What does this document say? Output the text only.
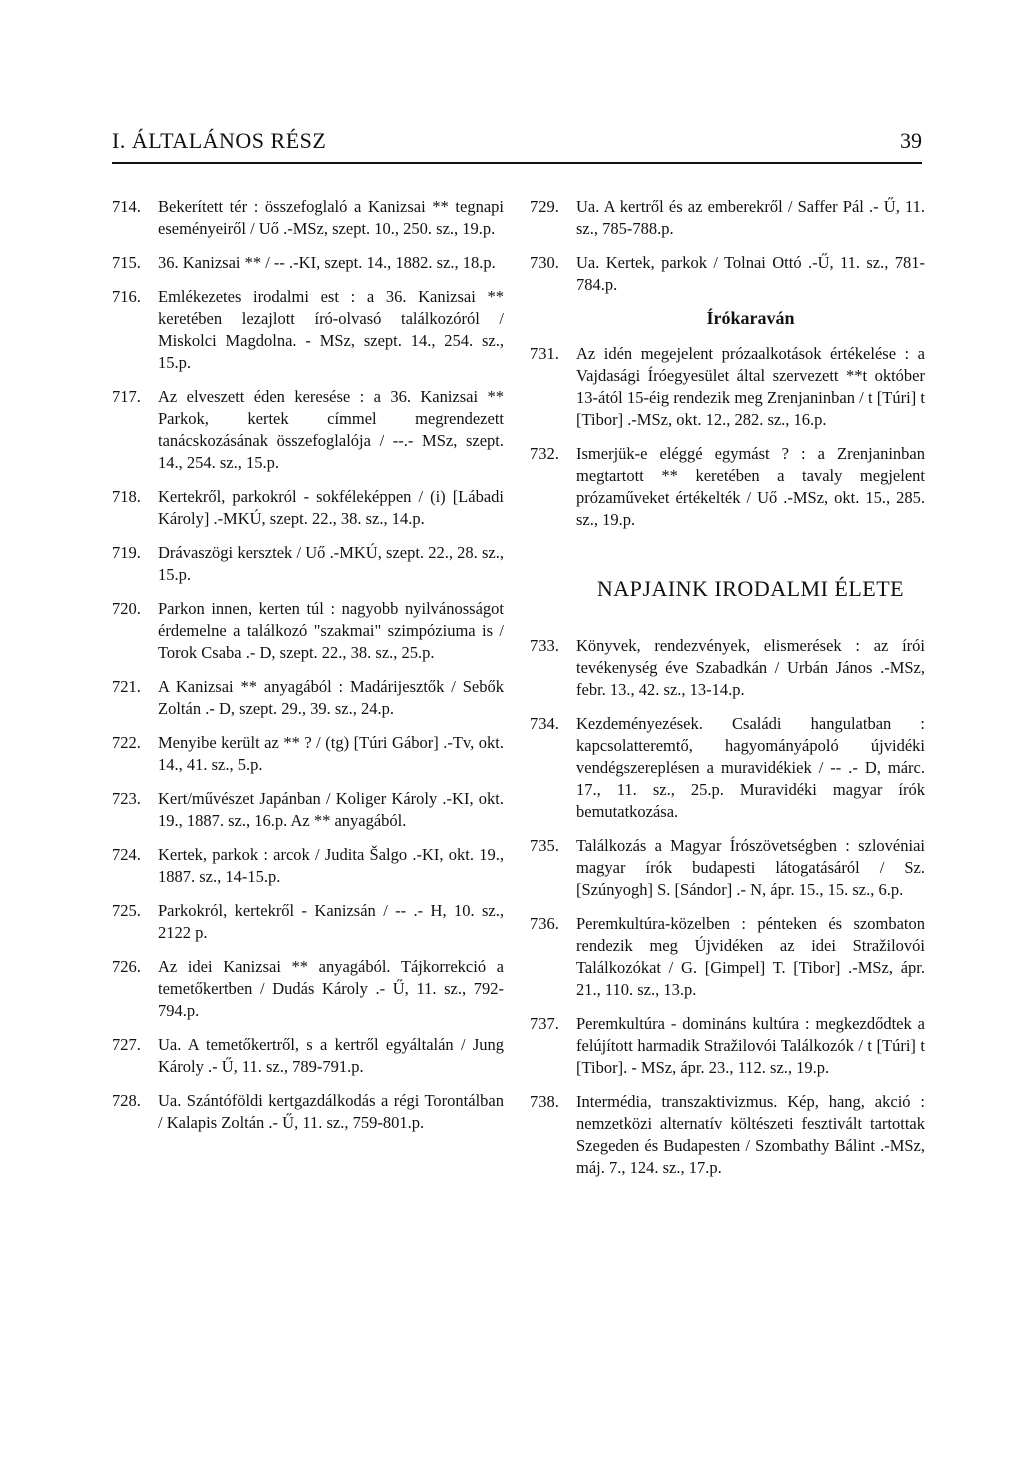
I. ÁLTALÁNOS RÉSZ	39
714.	Bekerített tér : összefoglaló a Kanizsai ** tegnapi eseményeiről / Uő .-MSz, szept. 10., 250. sz., 19.p.
715.	36. Kanizsai ** / -- .-KI, szept. 14., 1882. sz., 18.p.
716.	Emlékezetes irodalmi est : a 36. Kanizsai ** keretében lezajlott író-olvasó találkozóról / Miskolci Magdolna. - MSz, szept. 14., 254. sz., 15.p.
717.	Az elveszett éden keresése : a 36. Kanizsai ** Parkok, kertek címmel megrendezett tanácskozásának összefoglalója / --.- MSz, szept. 14., 254. sz., 15.p.
718.	Kertekről, parkokról - sokféleképpen / (i) [Lábadi Károly] .-MKÚ, szept. 22., 38. sz., 14.p.
719.	Drávaszögi kersztek / Uő .-MKÚ, szept. 22., 28. sz., 15.p.
720.	Parkon innen, kerten túl : nagyobb nyilvánosságot érdemelne a találkozó "szakmai" szimpóziuma is / Torok Csaba .- D, szept. 22., 38. sz., 25.p.
721.	A Kanizsai ** anyagából : Madárijesztők / Sebők Zoltán .- D, szept. 29., 39. sz., 24.p.
722.	Menyibe került az ** ? / (tg) [Túri Gábor] .-Tv, okt. 14., 41. sz., 5.p.
723.	Kert/művészet Japánban / Koliger Károly .-KI, okt. 19., 1887. sz., 16.p. Az ** anyagából.
724.	Kertek, parkok : arcok / Judita Šalgo .-KI, okt. 19., 1887. sz., 14-15.p.
725.	Parkokról, kertekről - Kanizsán / -- .- H, 10. sz., 2122 p.
726.	Az idei Kanizsai ** anyagából. Tájkorrekció a temetőkertben / Dudás Károly .- Ű, 11. sz., 792-794.p.
727.	Ua. A temetőkertről, s a kertről egyáltalán / Jung Károly .- Ű, 11. sz., 789-791.p.
728.	Ua. Szántóföldi kertgazdálkodás a régi Torontálban / Kalapis Zoltán .- Ű, 11. sz., 759-801.p.
729.	Ua. A kertről és az emberekről / Saffer Pál .- Ű, 11. sz., 785-788.p.
730.	Ua. Kertek, parkok / Tolnai Ottó .-Ű, 11. sz., 781-784.p.
Írókaraván
731.	Az idén megejelent prózaalkotások értékelése : a Vajdasági Íróegyesület által szervezett **t október 13-ától 15-éig rendezik meg Zrenjaninban / t [Túri] t [Tibor] .-MSz, okt. 12., 282. sz., 16.p.
732.	Ismerjük-e eléggé egymást ? : a Zrenjaninban megtartott ** keretében a tavaly megjelent prózaműveket értékelték / Uő .-MSz, okt. 15., 285. sz., 19.p.
NAPJAINK IRODALMI ÉLETE
733.	Könyvek, rendezvények, elismerések : az írói tevékenység éve Szabadkán / Urbán János .-MSz, febr. 13., 42. sz., 13-14.p.
734.	Kezdeményezések. Családi hangulatban : kapcsolatteremtő, hagyományápoló újvidéki vendégszereplésen a muravidékiek / -- .- D, márc. 17., 11. sz., 25.p. Muravidéki magyar írók bemutatkozása.
735.	Találkozás a Magyar Írószövetségben : szlovéniai magyar írók budapesti látogatásáról / Sz. [Szúnyogh] S. [Sándor] .- N, ápr. 15., 15. sz., 6.p.
736.	Peremkultúra-közelben : pénteken és szombaton rendezik meg Újvidéken az idei Stražilovói Találkozókat / G. [Gimpel] T. [Tibor] .-MSz, ápr. 21., 110. sz., 13.p.
737.	Peremkultúra - domináns kultúra : megkezdődtek a felújított harmadik Stražilovói Találkozók / t [Túri] t [Tibor]. - MSz, ápr. 23., 112. sz., 19.p.
738.	Intermédia, transzaktivizmus. Kép, hang, akció : nemzetközi alternatív költészeti fesztivált tartottak Szegeden és Budapesten / Szombathy Bálint .-MSz, máj. 7., 124. sz., 17.p.
